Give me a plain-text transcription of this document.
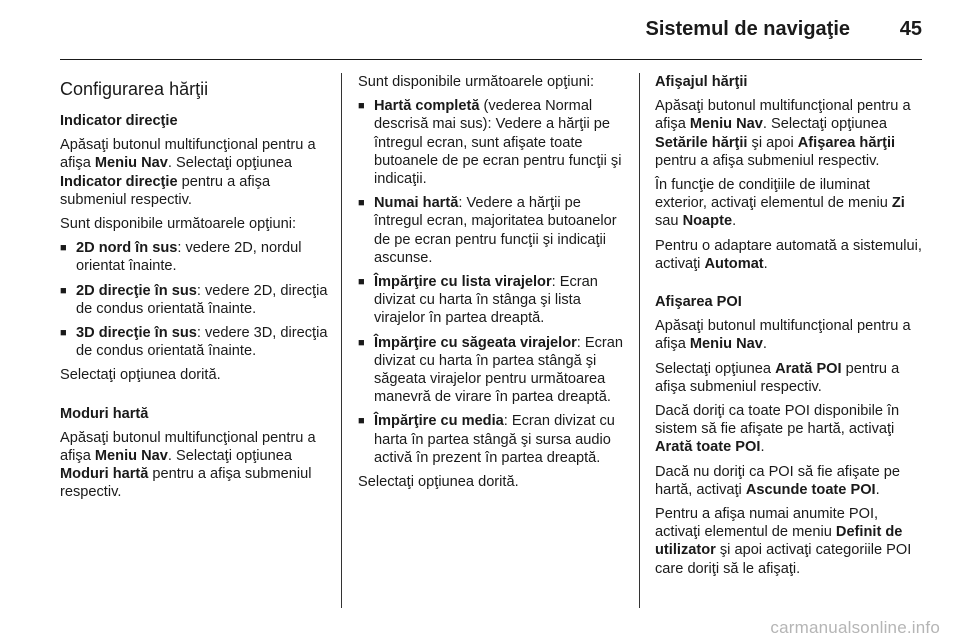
Sistemul de navigaţie	45
Configurarea hărţii

Indicator direcţie

Apăsaţi butonul multifuncţional pentru a afişa Meniu Nav. Selectaţi opţiunea Indicator direcţie pentru a afişa submeniul respectiv.

Sunt disponibile următoarele opţiuni:

■ 2D nord în sus: vedere 2D, nordul orientat înainte.
■ 2D direcţie în sus: vedere 2D, direcţia de condus orientată înainte.
■ 3D direcţie în sus: vedere 3D, direcţia de condus orientată înainte.

Selectaţi opţiunea dorită.

Moduri hartă

Apăsaţi butonul multifuncţional pentru a afişa Meniu Nav. Selectaţi opţiunea Moduri hartă pentru a afişa submeniul respectiv.

Sunt disponibile următoarele opţiuni:

■ Hartă completă (vederea Normal descrisă mai sus): Vedere a hărţii pe întregul ecran, sunt afişate toate butoanele de pe ecran pentru funcţii şi indicaţii.
■ Numai hartă: Vedere a hărţii pe întregul ecran, majoritatea butoanelor de pe ecran pentru funcţii şi indicaţii ascunse.
■ Împărţire cu lista virajelor: Ecran divizat cu harta în stânga şi lista virajelor în partea dreaptă.
■ Împărţire cu săgeata virajelor: Ecran divizat cu harta în partea stângă şi săgeata virajelor pentru următoarea manevră de virare în partea dreaptă.
■ Împărţire cu media: Ecran divizat cu harta în partea stângă şi sursa audio activă în prezent în partea dreaptă.

Selectaţi opţiunea dorită.

Afişajul hărţii

Apăsaţi butonul multifuncţional pentru a afişa Meniu Nav. Selectaţi opţiunea Setările hărţii şi apoi Afişarea hărţii pentru a afişa submeniul respectiv.

În funcţie de condiţiile de iluminat exterior, activaţi elementul de meniu Zi sau Noapte.

Pentru o adaptare automată a sistemului, activaţi Automat.

Afişarea POI

Apăsaţi butonul multifuncţional pentru a afişa Meniu Nav.

Selectaţi opţiunea Arată POI pentru a afişa submeniul respectiv.

Dacă doriţi ca toate POI disponibile în sistem să fie afişate pe hartă, activaţi Arată toate POI.

Dacă nu doriţi ca POI să fie afişate pe hartă, activaţi Ascunde toate POI.

Pentru a afişa numai anumite POI, activaţi elementul de meniu Definit de utilizator şi apoi activaţi categoriile POI care doriţi să le afişaţi.

carmanualsonline.info
